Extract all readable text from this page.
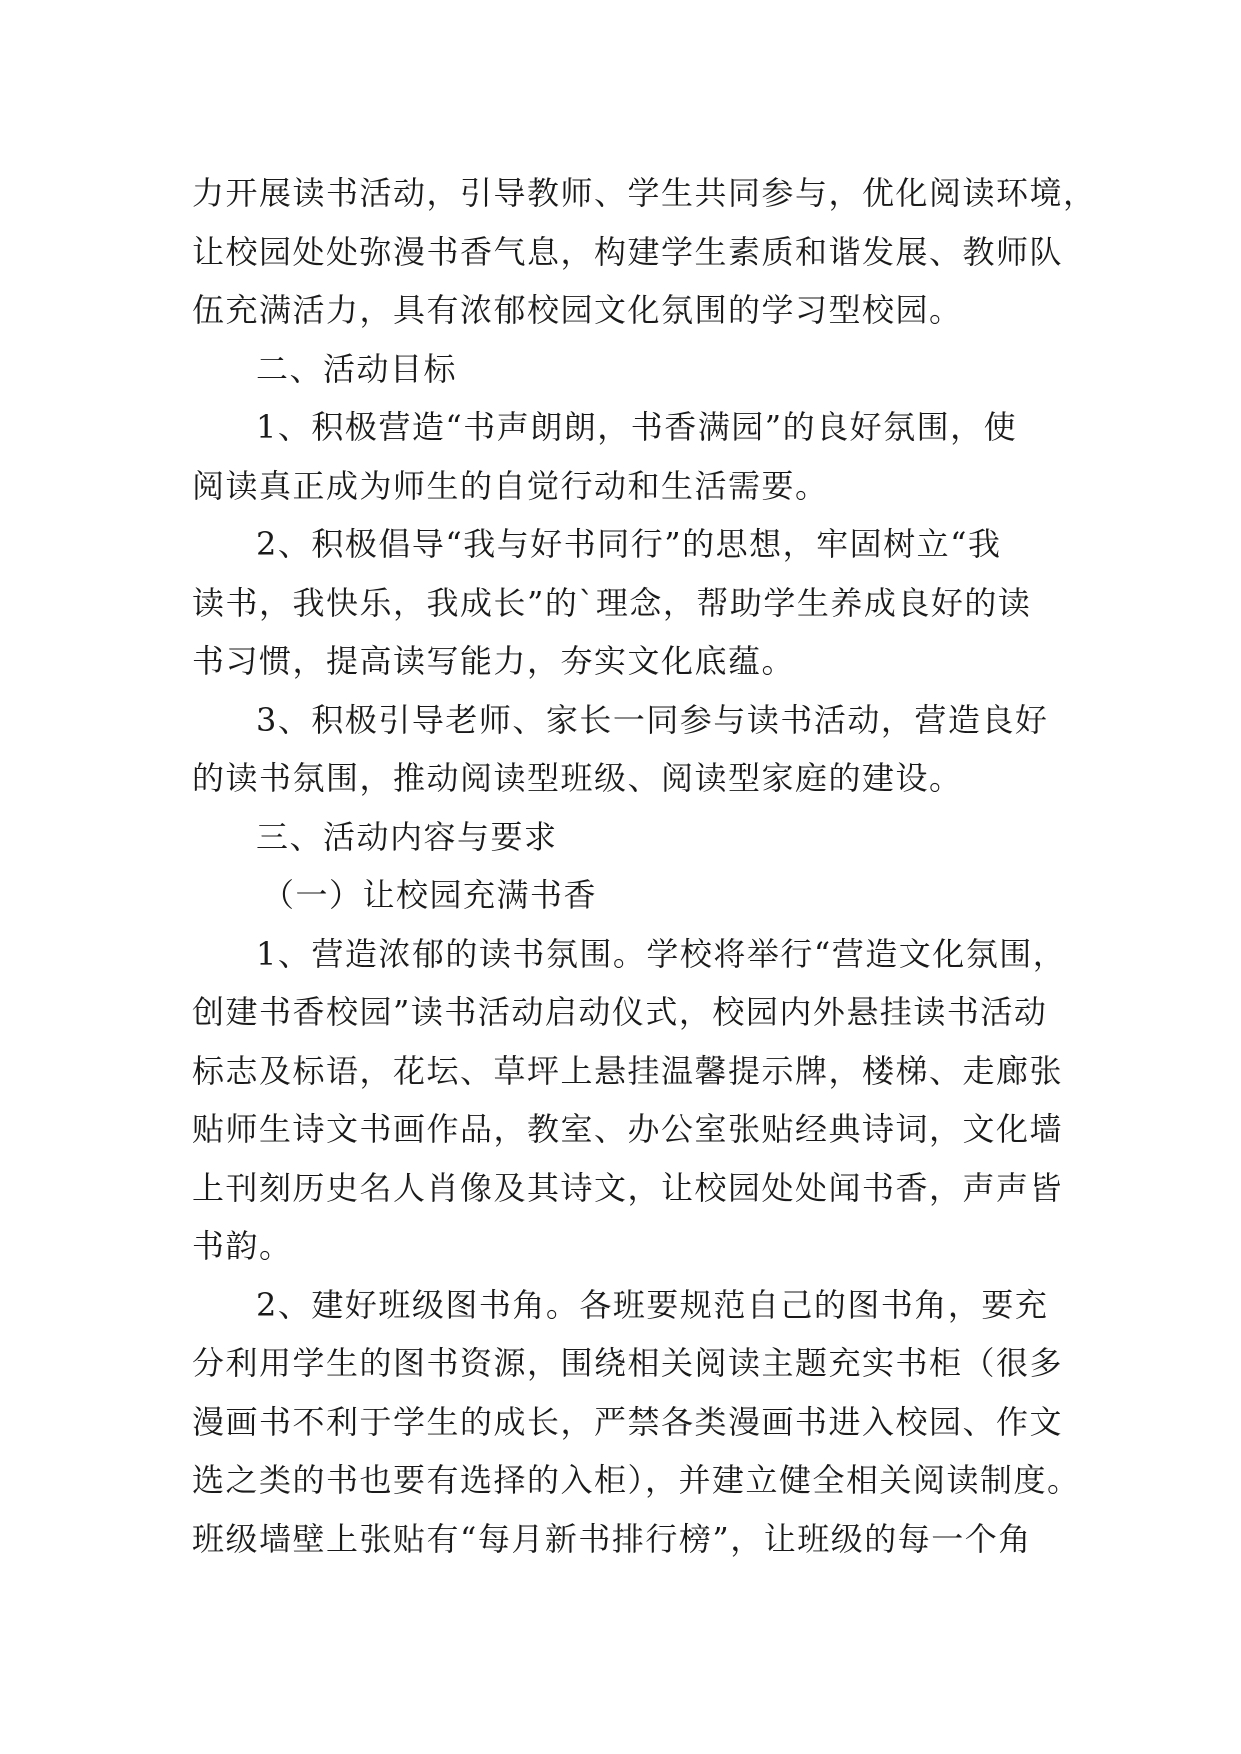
力开展读书活动，引导教师、学生共同参与，优化阅读环境，
让校园处处弥漫书香气息，构建学生素质和谐发展、教师队
伍充满活力，具有浓郁校园文化氛围的学习型校园。
二、活动目标
1、积极营造“书声朗朗，书香满园”的良好氛围，使
阅读真正成为师生的自觉行动和生活需要。
2、积极倡导“我与好书同行”的思想，牢固树立“我
读书，我快乐，我成长”的`理念，帮助学生养成良好的读
书习惯，提高读写能力，夯实文化底蕴。
3、积极引导老师、家长一同参与读书活动，营造良好
的读书氛围，推动阅读型班级、阅读型家庭的建设。
三、活动内容与要求
（一）让校园充满书香
1、营造浓郁的读书氛围。学校将举行“营造文化氛围，
创建书香校园”读书活动启动仪式，校园内外悬挂读书活动
标志及标语，花坛、草坪上悬挂温馨提示牌，楼梯、走廊张
贴师生诗文书画作品，教室、办公室张贴经典诗词，文化墙
上刊刻历史名人肖像及其诗文，让校园处处闻书香，声声皆
书韵。
2、建好班级图书角。各班要规范自己的图书角，要充
分利用学生的图书资源，围绕相关阅读主题充实书柜（很多
漫画书不利于学生的成长，严禁各类漫画书进入校园、作文
选之类的书也要有选择的入柜），并建立健全相关阅读制度。
班级墙壁上张贴有“每月新书排行榜”，让班级的每一个角
